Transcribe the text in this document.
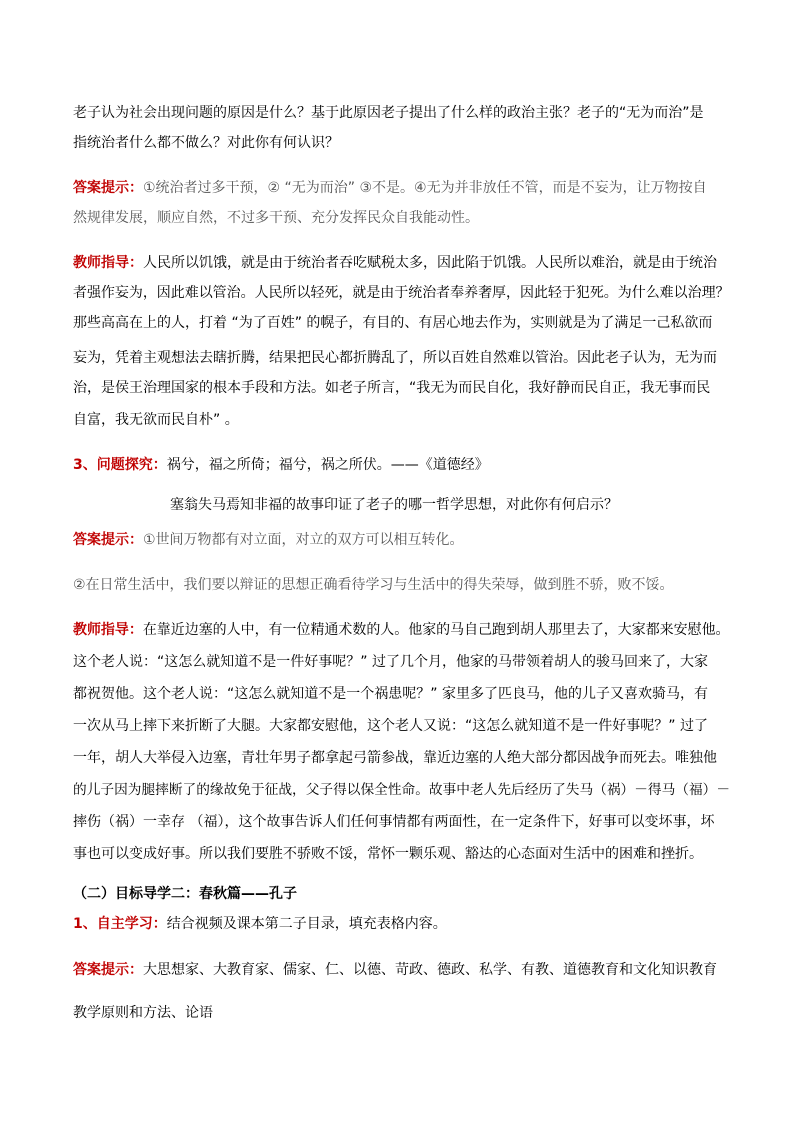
老子认为社会出现问题的原因是什么？基于此原因老子提出了什么样的政治主张？老子的“无为而治”是
指统治者什么都不做么？对此你有何认识？
答案提示：①统治者过多干预，② “无为而治” ③不是。④无为并非放任不管，而是不妄为，让万物按自
然规律发展，顺应自然，不过多干预、充分发挥民众自我能动性。
教师指导：人民所以饥饿，就是由于统治者吞吃赋税太多，因此陷于饥饿。人民所以难治，就是由于统治
者强作妄为，因此难以管治。人民所以轻死，就是由于统治者奉养奢厚，因此轻于犯死。为什么难以治理？
那些高高在上的人，打着 “为了百姓” 的幌子，有目的、有居心地去作为，实则就是为了满足一己私欲而
妄为，凭着主观想法去瞎折腾，结果把民心都折腾乱了，所以百姓自然难以管治。因此老子认为，无为而
治，是侯王治理国家的根本手段和方法。如老子所言，“我无为而民自化，我好静而民自正，我无事而民
自富，我无欲而民自朴” 。
3、问题探究：祸兮，福之所倚；福兮，祸之所伏。——《道德经》
塞翁失马焉知非福的故事印证了老子的哪一哲学思想，对此你有何启示？
答案提示：①世间万物都有对立面，对立的双方可以相互转化。
②在日常生活中，我们要以辩证的思想正确看待学习与生活中的得失荣辱，做到胜不骄，败不馁。
教师指导：在靠近边塞的人中，有一位精通术数的人。他家的马自己跑到胡人那里去了，大家都来安慰他。
这个老人说：“这怎么就知道不是一件好事呢？” 过了几个月，他家的马带领着胡人的骏马回来了，大家
都祝贺他。这个老人说：“这怎么就知道不是一个祸患呢？” 家里多了匹良马，他的儿子又喜欢骑马，有
一次从马上摔下来折断了大腿。大家都安慰他，这个老人又说：“这怎么就知道不是一件好事呢？” 过了
一年，胡人大举侵入边塞，青壮年男子都拿起弓箭参战，靠近边塞的人绝大部分都因战争而死去。唯独他
的儿子因为腿摔断了的缘故免于征战，父子得以保全性命。故事中老人先后经历了失马（祸）－得马（福）－
摔伤（祸）一幸存 （福），这个故事告诉人们任何事情都有两面性，在一定条件下，好事可以变坏事，坏
事也可以变成好事。所以我们要胜不骄败不馁，常怀一颗乐观、豁达的心态面对生活中的困难和挫折。
（二）目标导学二：春秋篇——孔子
1、自主学习：结合视频及课本第二子目录，填充表格内容。
答案提示：大思想家、大教育家、儒家、仁、以德、苛政、德政、私学、有教、道德教育和文化知识教育
教学原则和方法、论语
